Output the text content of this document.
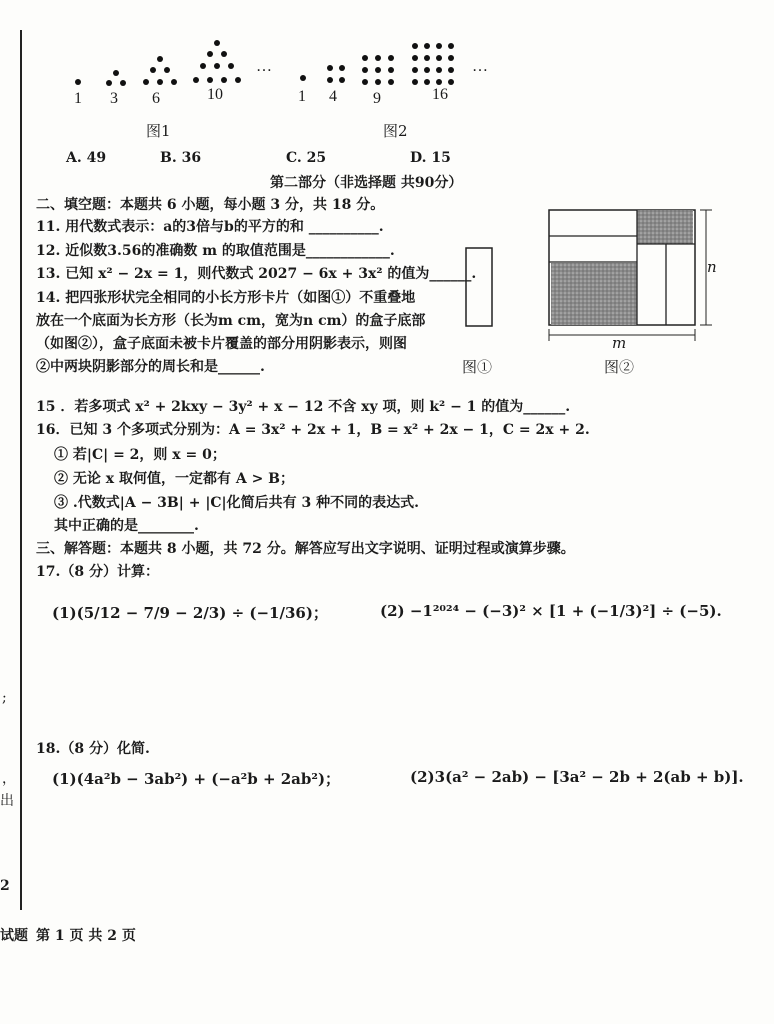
;
，
出
2
试题
1 3 6	10
…
图1
1 4 9	16
…
图2
A. 49	B. 36	C. 25	D. 15
第二部分（非选择题 共90分）
二、填空题：本题共 6 小题，每小题 3 分，共 18 分。
11. 用代数式表示：a的3倍与b的平方的和 __________.
12. 近似数3.56的准确数 m 的取值范围是____________.
13. 已知 x² − 2x = 1，则代数式 2027 − 6x + 3x² 的值为______.
14. 把四张形状完全相同的小长方形卡片（如图①）不重叠地
放在一个底面为长方形（长为m cm，宽为n cm）的盒子底部
（如图②），盒子底面未被卡片覆盖的部分用阴影表示，则图
②中两块阴影部分的周长和是______.	图①
n
m
图②
15 ．若多项式 x² + 2kxy − 3y² + x − 12 不含 xy 项，则 k² − 1 的值为______.
16．已知 3 个多项式分别为：A = 3x² + 2x + 1，B = x² + 2x − 1，C = 2x + 2.
① 若|C| = 2，则 x = 0；
② 无论 x 取何值，一定都有 A > B；
③ .代数式|A − 3B| + |C|化简后共有 3 种不同的表达式.
其中正确的是________.
三、解答题：本题共 8 小题，共 72 分。解答应写出文字说明、证明过程或演算步骤。
17.（8 分）计算：
(1)(5/12 − 7/9 − 2/3) ÷ (−1/36)；	(2) −1²⁰²⁴ − (−3)² × [1 + (−1/3)²] ÷ (−5).
18.（8 分）化简.
(1)(4a²b − 3ab²) + (−a²b + 2ab²)；	(2)3(a² − 2ab) − [3a² − 2b + 2(ab + b)].
第 1 页 共 2 页
